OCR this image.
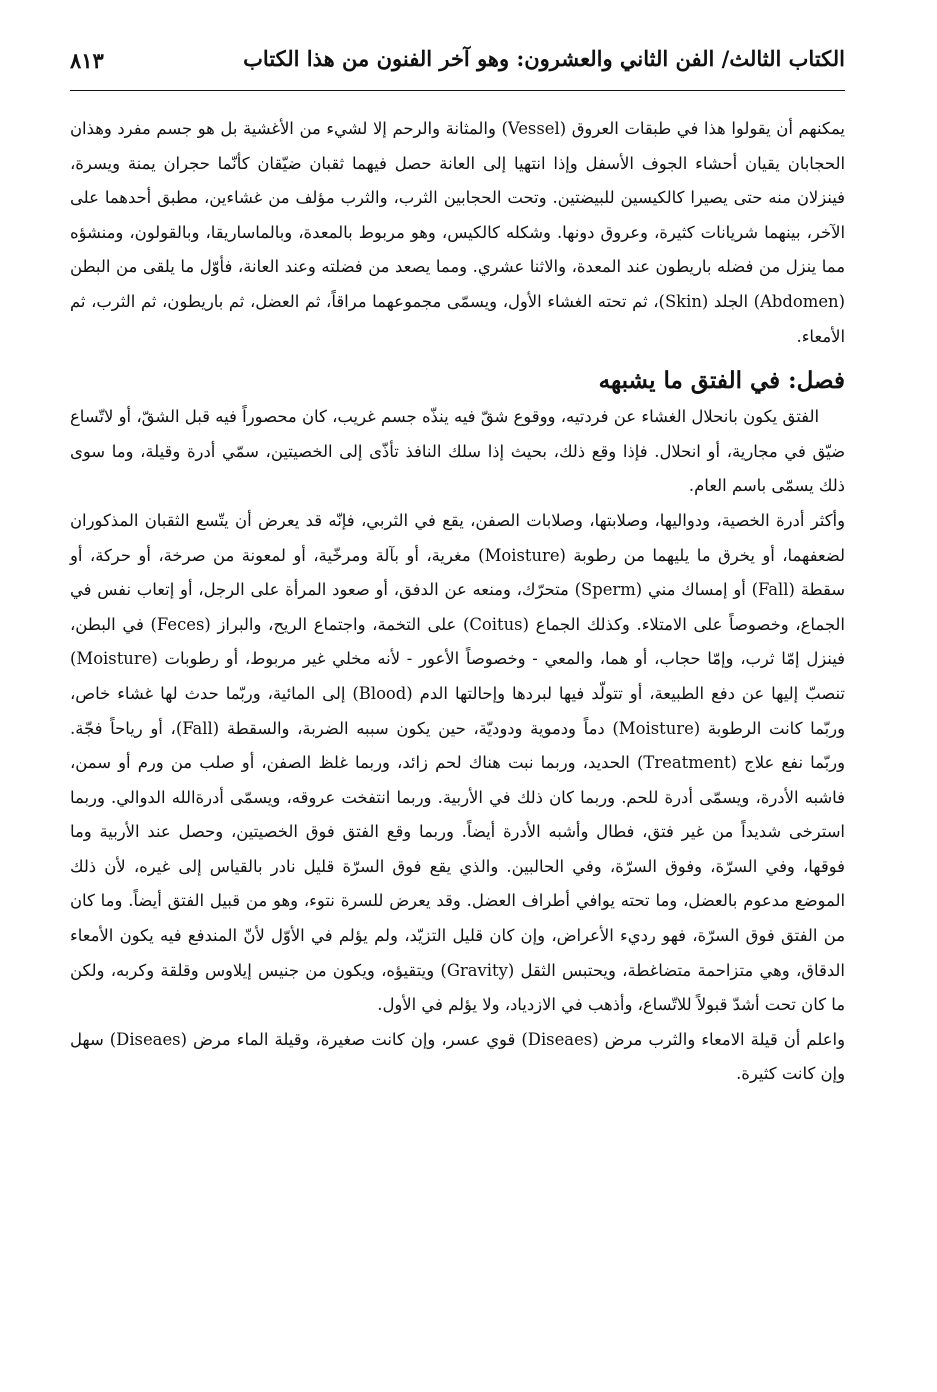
الكتاب الثالث/ الفن الثاني والعشرون: وهو آخر الفنون من هذا الكتاب
٨١٣

يمكنهم أن يقولوا هذا في طبقات العروق (Vessel) والمثانة والرحم إلا لشيء من الأغشية بل هو جسم مفرد وهذان الحجابان يقيان أحشاء الجوف الأسفل وإذا انتهيا إلى العانة حصل فيهما ثقبان ضيّقان كأنّما حجران يمنة ويسرة، فينزلان منه حتى يصيرا كالكيسين للبيضتين. وتحت الحجابين الثرب، والثرب مؤلف من غشاءين، مطبق أحدهما على الآخر، بينهما شريانات كثيرة، وعروق دونها. وشكله كالكيس، وهو مربوط بالمعدة، وبالماساريقا، وبالقولون، ومنشؤه مما ينزل من فضله باريطون عند المعدة، والاثنا عشري. ومما يصعد من فضلته وعند العانة، فأوّل ما يلقى من البطن (Abdomen) الجلد (Skin)، ثم تحته الغشاء الأول، ويسمّى مجموعهما مراقاً، ثم العضل، ثم باريطون، ثم الثرب، ثم الأمعاء.

فصل: في الفتق ما يشبهه

الفتق يكون بانحلال الغشاء عن فردتيه، ووقوع شقّ فيه ينذّه جسم غريب، كان محصوراً فيه قبل الشقّ، أو لاتّساع ضيّق في مجارية، أو انحلال. فإذا وقع ذلك، بحيث إذا سلك النافذ تأذّى إلى الخصيتين، سمّي أدرة وقيلة، وما سوى ذلك يسمّى باسم العام.

وأكثر أدرة الخصية، ودواليها، وصلابتها، وصلابات الصفن، يقع في الثربي، فإنّه قد يعرض أن يتّسع الثقبان المذكوران لضعفهما، أو يخرق ما يليهما من رطوبة (Moisture) مغرية، أو بآلة ومرخّية، أو لمعونة من صرخة، أو حركة، أو سقطة (Fall) أو إمساك مني (Sperm) متحرّك، ومنعه عن الدفق، أو صعود المرأة على الرجل، أو إتعاب نفس في الجماع، وخصوصاً على الامتلاء. وكذلك الجماع (Coitus) على التخمة، واجتماع الريح، والبراز (Feces) في البطن، فينزل إمّا ثرب، وإمّا حجاب، أو هما، والمعي - وخصوصاً الأعور - لأنه مخلي غير مربوط، أو رطوبات (Moisture) تنصبّ إليها عن دفع الطبيعة، أو تتولّد فيها لبردها وإحالتها الدم (Blood) إلى المائية، وربّما حدث لها غشاء خاص، وربّما كانت الرطوبة (Moisture) دماً ودموية ودوديّة، حين يكون سببه الضربة، والسقطة (Fall)، أو رياحاً فجّة. وربّما نفع علاج (Treatment) الحديد، وربما نبت هناك لحم زائد، وربما غلظ الصفن، أو صلب من ورم أو سمن، فاشبه الأدرة، ويسمّى أدرة للحم. وربما كان ذلك في الأربية. وربما انتفخت عروقه، ويسمّى أدرةالله الدوالي. وربما استرخى شديداً من غير فتق، فطال وأشبه الأدرة أيضاً. وربما وقع الفتق فوق الخصيتين، وحصل عند الأربية وما فوقها، وفي السرّة، وفوق السرّة، وفي الحالبين. والذي يقع فوق السرّة قليل نادر بالقياس إلى غيره، لأن ذلك الموضع مدعوم بالعضل، وما تحته يوافي أطراف العضل. وقد يعرض للسرة نتوء، وهو من قبيل الفتق أيضاً. وما كان من الفتق فوق السرّة، فهو رديء الأعراض، وإن كان قليل التزيّد، ولم يؤلم في الأوّل لأنّ المندفع فيه يكون الأمعاء الدقاق، وهي متزاحمة متضاغطة، ويحتبس الثقل (Gravity) ويتقيؤه، ويكون من جنيس إيلاوس وقلقة وكربه، ولكن ما كان تحت أشدّ قبولاً للاتّساع، وأذهب في الازدياد، ولا يؤلم في الأول.

واعلم أن قيلة الامعاء والثرب مرض (Diseaes) قوي عسر، وإن كانت صغيرة، وقيلة الماء مرض (Diseaes) سهل وإن كانت كثيرة.
